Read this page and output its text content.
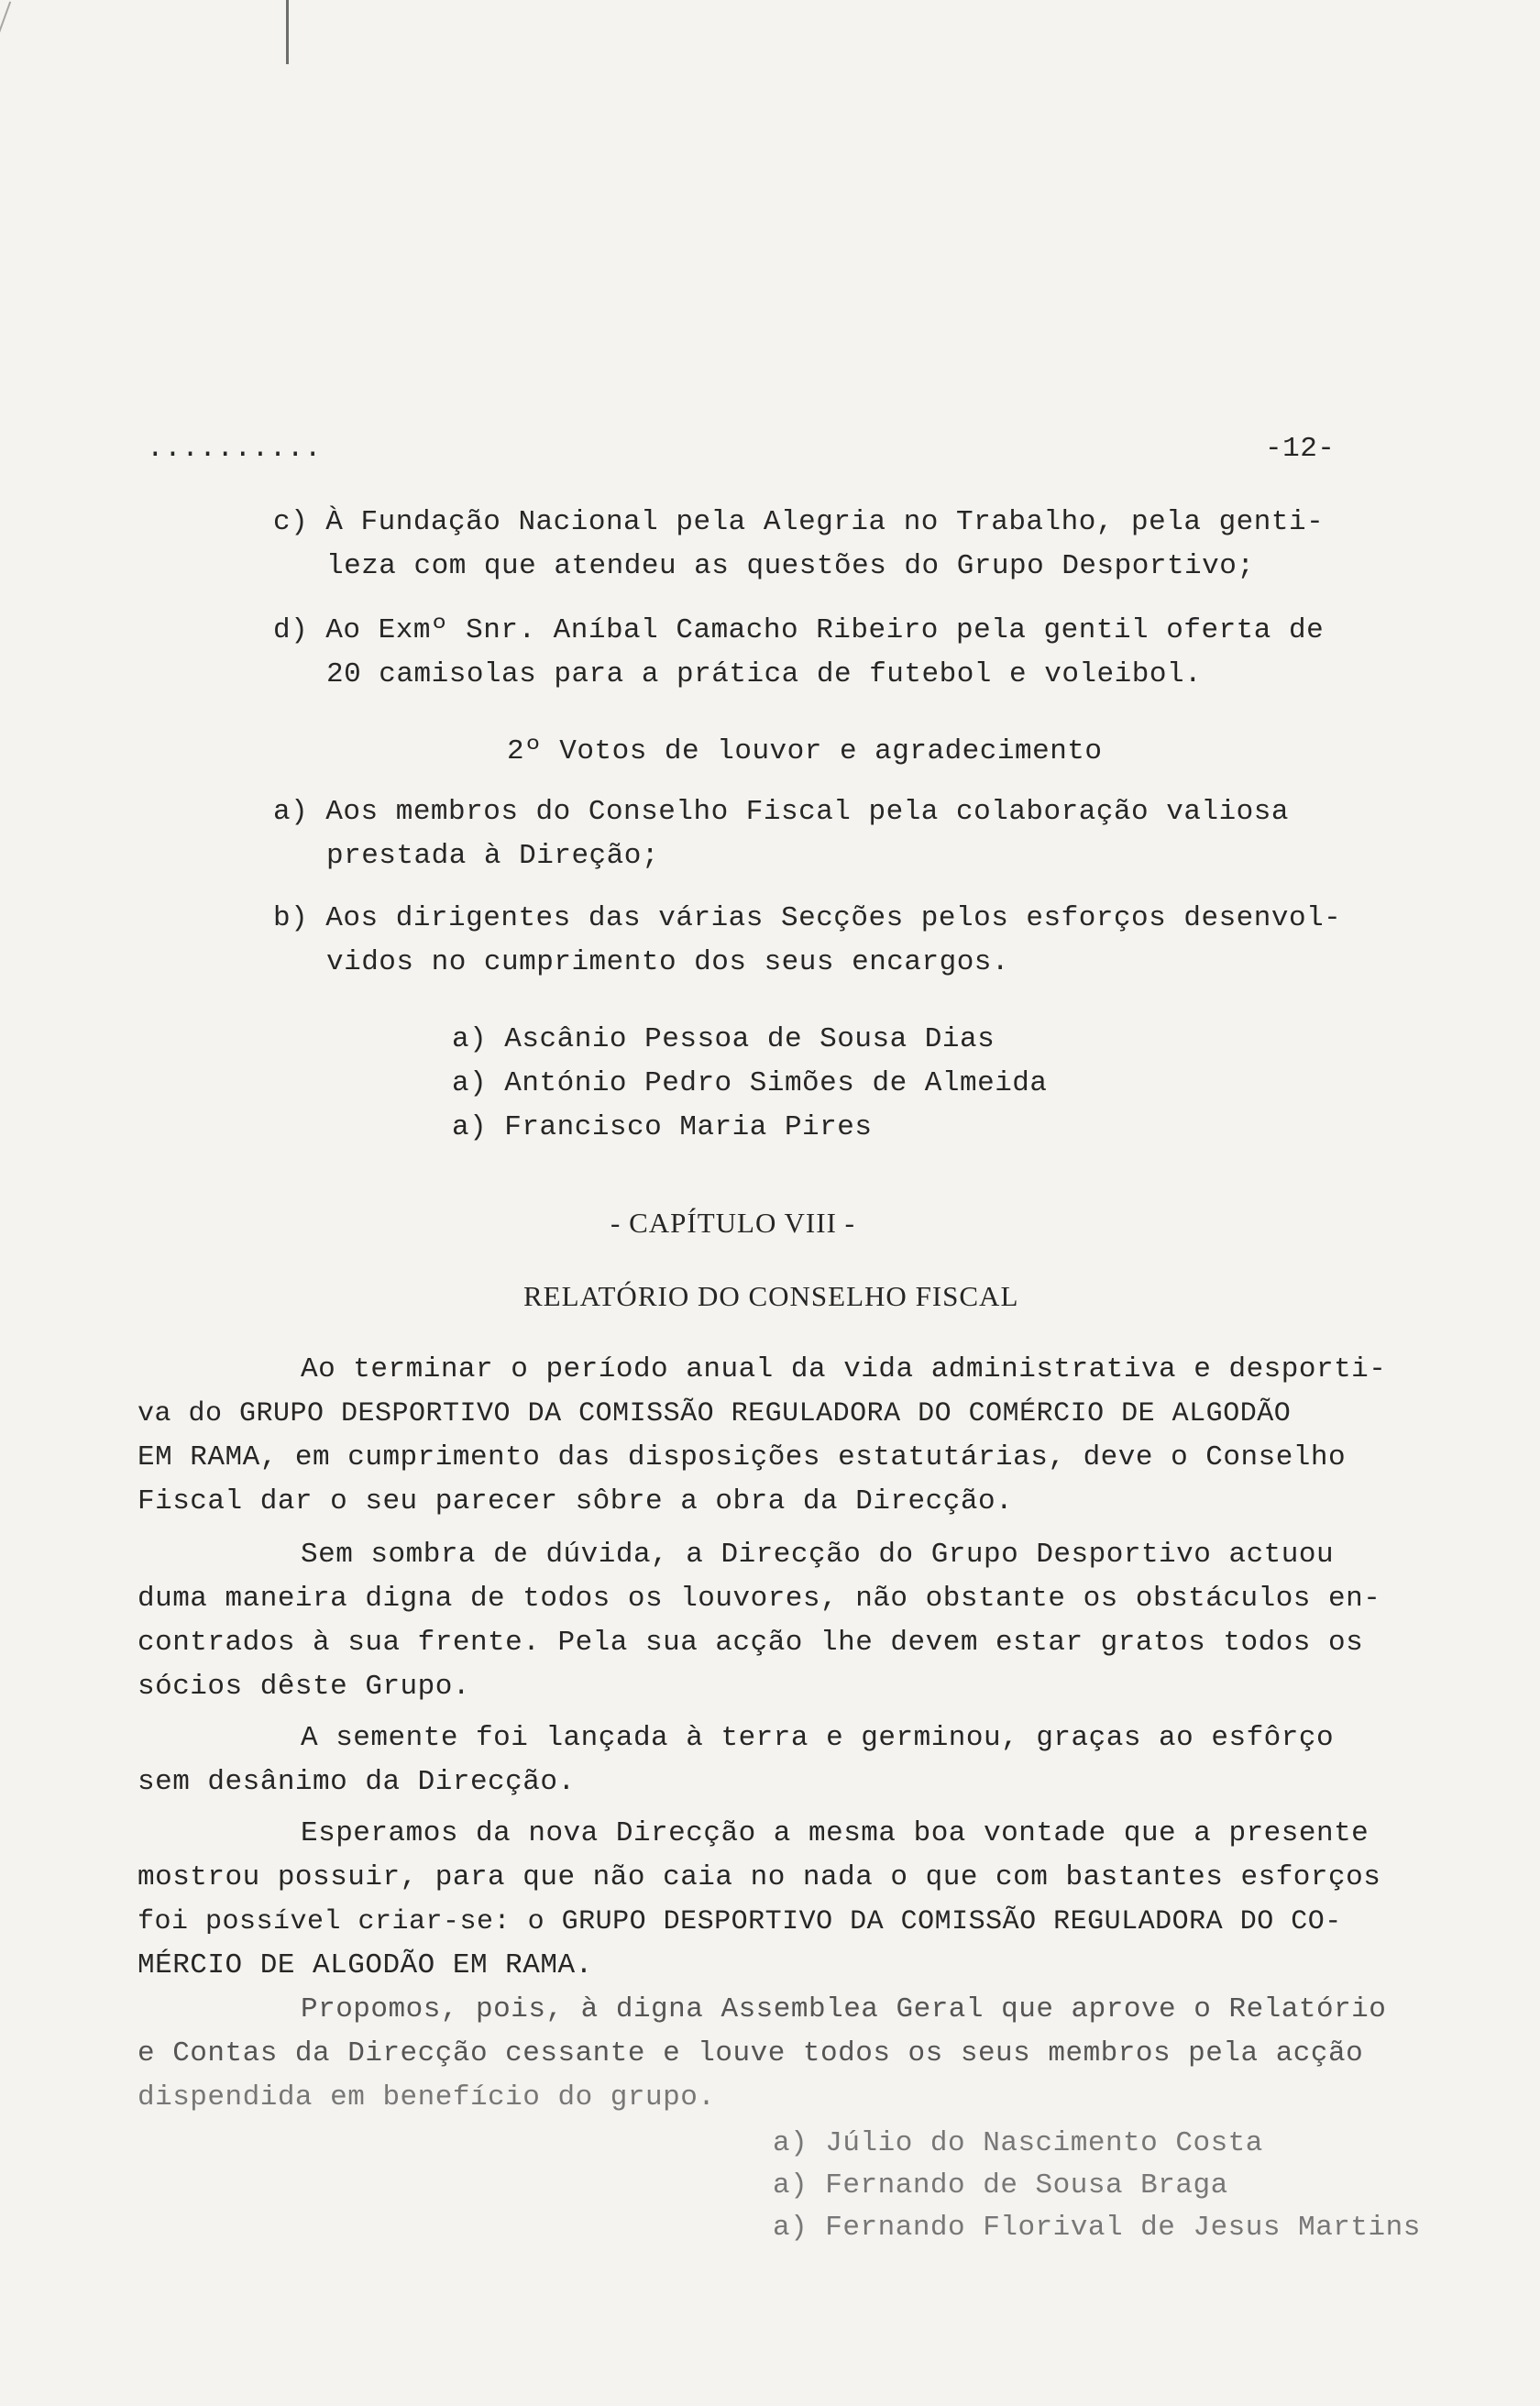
..........	-12-
c) À Fundação Nacional pela Alegria no Trabalho, pela genti-
leza com que atendeu as questões do Grupo Desportivo;
d) Ao Exmº Snr. Aníbal Camacho Ribeiro pela gentil oferta de
20 camisolas para a prática de futebol e voleibol.
2º Votos de louvor e agradecimento
a) Aos membros do Conselho Fiscal pela colaboração valiosa
prestada à Direção;
b) Aos dirigentes das várias Secções pelos esforços desenvol-
vidos no cumprimento dos seus encargos.
a) Ascânio Pessoa de Sousa Dias
a) António Pedro Simões de Almeida
a) Francisco Maria Pires
- CAPÍTULO VIII -
RELATÓRIO DO CONSELHO FISCAL
Ao terminar o período anual da vida administrativa e desporti-
va do GRUPO DESPORTIVO DA COMISSÃO REGULADORA DO COMÉRCIO DE ALGODÃO
EM RAMA, em cumprimento das disposições estatutárias, deve o Conselho
Fiscal dar o seu parecer sôbre a obra da Direcção.
Sem sombra de dúvida, a Direcção do Grupo Desportivo actuou
duma maneira digna de todos os louvores, não obstante os obstáculos en-
contrados à sua frente. Pela sua acção lhe devem estar gratos todos os
sócios dêste Grupo.
A semente foi lançada à terra e germinou, graças ao esfôrço
sem desânimo da Direcção.
Esperamos da nova Direcção a mesma boa vontade que a presente
mostrou possuir, para que não caia no nada o que com bastantes esforços
foi possível criar-se: o GRUPO DESPORTIVO DA COMISSÃO REGULADORA DO CO-
MÉRCIO DE ALGODÃO EM RAMA.
Propomos, pois, à digna Assemblea Geral que aprove o Relatório
e Contas da Direcção cessante e louve todos os seus membros pela acção
dispendida em benefício do grupo.
a) Júlio do Nascimento Costa
a) Fernando de Sousa Braga
a) Fernando Florival de Jesus Martins
